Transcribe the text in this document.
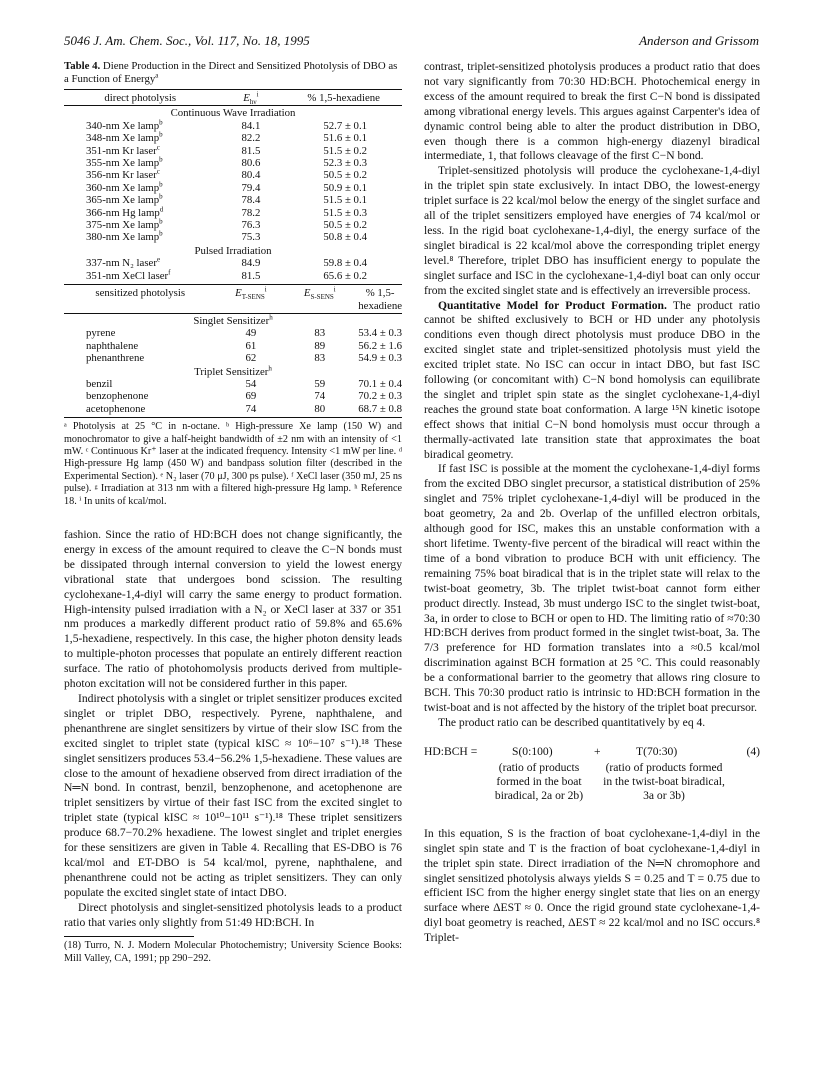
5046 J. Am. Chem. Soc., Vol. 117, No. 18, 1995	Anderson and Grissom
Table 4. Diene Production in the Direct and Sensitized Photolysis of DBO as a Function of Energy$^a$
direct photolysis	$E_{h\nu}^i$	% 1,5-hexadiene	
Continuous Wave Irradiation			
340-nm Xe lamp$^b$	84.1	52.7 ± 0.1	
348-nm Xe lamp$^b$	82.2	51.6 ± 0.1	
351-nm Kr laser$^c$	81.5	51.5 ± 0.2	
355-nm Xe lamp$^b$	80.6	52.3 ± 0.3	
356-nm Kr laser$^c$	80.4	50.5 ± 0.2	
360-nm Xe lamp$^b$	79.4	50.9 ± 0.1	
365-nm Xe lamp$^b$	78.4	51.5 ± 0.1	
366-nm Hg lamp$^d$	78.2	51.5 ± 0.3	
375-nm Xe lamp$^b$	76.3	50.5 ± 0.2	
380-nm Xe lamp$^b$	75.3	50.8 ± 0.4	
Pulsed Irradiation			
337-nm N₂ laser$^e$	84.9	59.8 ± 0.4	
351-nm XeCl laser$^f$	81.5	65.6 ± 0.2	
sensitized photolysis	$E_{T-SENS}^i$	$E_{S-SENS}^i$	% 1,5-hexadiene
Singlet Sensitizer$^h$
pyrene	49	83	53.4 ± 0.3
naphthalene	61	89	56.2 ± 1.6
phenanthrene	62	83	54.9 ± 0.3
Triplet Sensitizer$^h$
benzil	54	59	70.1 ± 0.4
benzophenone	69	74	70.2 ± 0.3
acetophenone	74	80	68.7 ± 0.8
ᵃ Photolysis at 25 °C in n-octane. ᵇ High-pressure Xe lamp (150 W) and monochromator to give a half-height bandwidth of ±2 nm with an intensity of <1 mW. ᶜ Continuous Kr⁺ laser at the indicated frequency. Intensity <1 mW per line. ᵈ High-pressure Hg lamp (450 W) and bandpass solution filter (described in the Experimental Section). ᵉ N₂ laser (70 μJ, 300 ps pulse). ᶠ XeCl laser (350 mJ, 25 ns pulse). ᵍ Irradiation at 313 nm with a filtered high-pressure Hg lamp. ʰ Reference 18. ⁱ In units of kcal/mol.

fashion. Since the ratio of HD:BCH does not change significantly, the energy in excess of the amount required to cleave the C−N bonds must be dissipated through internal conversion to yield the lowest energy vibrational state that undergoes bond scission. The resulting cyclohexane-1,4-diyl will carry the same energy to product formation. High-intensity pulsed irradiation with a N₂ or XeCl laser at 337 or 351 nm produces a markedly different product ratio of 59.8% and 65.6% 1,5-hexadiene, respectively. In this case, the higher photon density leads to multiple-photon processes that populate an entirely different reaction surface. The ratio of photohomolysis products derived from multiple-photon excitation will not be considered further in this paper.

Indirect photolysis with a singlet or triplet sensitizer produces excited singlet or triplet DBO, respectively. Pyrene, naphthalene, and phenanthrene are singlet sensitizers by virtue of their slow ISC from the excited singlet to triplet state (typical kISC ≈ 10⁶−10⁷ s⁻¹).¹⁸ These singlet sensitizers produces 53.4−56.2% 1,5-hexadiene. These values are close to the amount of hexadiene observed from direct irradiation of the N═N bond. In contrast, benzil, benzophenone, and acetophenone are triplet sensitizers by virtue of their fast ISC from the excited singlet to triplet state (typical kISC ≈ 10¹⁰−10¹¹ s⁻¹).¹⁸ These triplet sensitizers produce 68.7−70.2% hexadiene. The lowest singlet and triplet energies for these sensitizers are given in Table 4. Recalling that ES-DBO is 76 kcal/mol and ET-DBO is 54 kcal/mol, pyrene, naphthalene, and phenanthrene could not be acting as triplet sensitizers. They can only populate the excited singlet state of intact DBO.

Direct photolysis and singlet-sensitized photolysis leads to a product ratio that varies only slightly from 51:49 HD:BCH. In

(18) Turro, N. J. Modern Molecular Photochemistry; University Science Books: Mill Valley, CA, 1991; pp 290−292.

contrast, triplet-sensitized photolysis produces a product ratio that does not vary significantly from 70:30 HD:BCH. Photochemical energy in excess of the amount required to break the first C−N bond is dissipated among vibrational energy levels. This argues against Carpenter's idea of dynamic control being able to alter the product distribution in DBO, even though there is a common high-energy diazenyl biradical intermediate, 1, that follows cleavage of the first C−N bond.

Triplet-sensitized photolysis will produce the cyclohexane-1,4-diyl in the triplet spin state exclusively. In intact DBO, the lowest-energy triplet surface is 22 kcal/mol below the energy of the singlet surface and all of the triplet sensitizers employed have energies of 74 kcal/mol or less. In the rigid boat cyclohexane-1,4-diyl, the energy surface of the singlet biradical is 22 kcal/mol above the corresponding triplet energy level.⁸ Therefore, triplet DBO has insufficient energy to populate the singlet surface and ISC in the cyclohexane-1,4-diyl boat can only occur from the excited singlet state and is effectively an irreversible process.

Quantitative Model for Product Formation. The product ratio cannot be shifted exclusively to BCH or HD under any photolysis conditions even though direct photolysis must produce DBO in the excited singlet state and triplet-sensitized photolysis must yield the excited triplet state. No ISC can occur in intact DBO, but fast ISC following (or concomitant with) C−N bond homolysis can equilibrate the singlet and triplet spin state as the singlet cyclohexane-1,4-diyl reaches the ground state boat conformation. A large ¹⁵N kinetic isotope effect shows that initial C−N bond homolysis must occur through a thermally-activated late transition state that approximates the boat biradical geometry.

If fast ISC is possible at the moment the cyclohexane-1,4-diyl forms from the excited DBO singlet precursor, a statistical distribution of 25% singlet and 75% triplet cyclohexane-1,4-diyl will be produced in the boat geometry, 2a and 2b. Overlap of the unfilled electron orbitals, although good for ISC, makes this an unstable conformation with a short lifetime. Twenty-five percent of the biradical will react within the time of a bond vibration to produce BCH with unit efficiency. The remaining 75% boat biradical that is in the triplet state will relax to the twist-boat geometry, 3b. The triplet twist-boat cannot form either product directly. Instead, 3b must undergo ISC to the singlet twist-boat, 3a, in order to close to BCH or open to HD. The limiting ratio of ≈70:30 HD:BCH derives from product formed in the singlet twist-boat, 3a. The 7/3 preference for HD formation translates into a ≈0.5 kcal/mol discrimination against BCH formation at 25 °C. This could reasonably be a conformational barrier to the geometry that allows ring closure to BCH. This 70:30 product ratio is intrinsic to HD:BCH formation in the twist-boat and is not affected by the history of the triplet boat precursor.

The product ratio can be described quantitatively by eq 4.

HD:BCH =	S(0:100)	+	T(70:30)	(4)
(ratio of products formed in the boat biradical, 2a or 2b)
(ratio of products formed in the twist-boat biradical, 3a or 3b)

In this equation, S is the fraction of boat cyclohexane-1,4-diyl in the singlet spin state and T is the fraction of boat cyclohexane-1,4-diyl in the triplet spin state. Direct irradiation of the N═N chromophore and singlet sensitized photolysis always yields S = 0.25 and T = 0.75 due to efficient ISC from the higher energy singlet state that lies on an energy surface where ΔEST ≈ 0. Once the rigid ground state cyclohexane-1,4-diyl boat geometry is reached, ΔEST ≈ 22 kcal/mol and no ISC occurs.⁸ Triplet-
